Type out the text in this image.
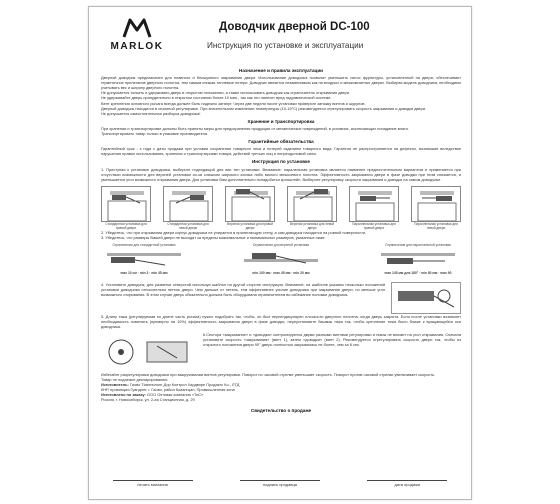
MARLOK
Доводчик дверной DC-100
Инструкция по установке и эксплуатации
Назначение и правила эксплуатации
Дверной доводчик предназначен для плавного и бесшумного закрывания двери. Использование доводчика позволит уменьшить износ фурнитуры, установленной на двери, обеспечивает герметичное прилегание дверного полотна, тем самым снижая теплевые потери. Доводчик является незаменимым как на входных и межкомнатных дверях. Выбирая модель доводчика, необходимо учитывать вес и ширину дверного полотна.
Не допускается толкать и удерживать дверь в открытом положении, а также использовать доводчик как ограничитель открывания двери.
Не удерживайте дверь принудительно в открытом состоянии более 10 мин., так как это нанесет вред гидравлической системе.
Вент крепления основного рычага всегда должен быть надежно затянут. Через две недели после установки проверьте затяжку винтов и шурупов.
Дверной доводчик находится в сезонной регулировке. При значительном изменении температуры (10-15°C) рекомендуется отрегулировать скорость закрывания и доводки двери.
Не допускается самостоятельная разборка доводчика!
Хранение и транспортировка
При хранении и транспортировке должны быть приняты меры для предохранения продукции от механических повреждений, в условиях, исключающих попадание влаги.
Транспортировать товар только в упаковке производителя.
Гарантийные обязательства
Гарантийный срок - з года с даты продажи при условии сохранения товарного чека и потерей изделием товарного вида. Гарантия не распространяется на дефекты, возникшие вследствие нарушения правил использования, хранения и транспортировки товара, действий третьих лиц и непреодолимой силы.
Инструкция по установке
1. Приступая к установке доводчика, выберите подходящий для вас тип установки. Внимание: паралельная установка является наименее предпочтительным вариантом и применяется при отсутствии возможности для верхней установки из-за слишком широкого косяка либо малого межосевого полотна. Эффективность закрывания двери в фазе доводки при этом снижается, и уменьшается угол возможного открывания двери. Для установки Вам дополнительно понадобится кронштейн. Выберите регулировку скорости закрывания и доводки на самом доводчике.
Стандартная установка для правой двери
Стандартная установка для левой двери
Верхняя установка для правой двери
Верхняя установка для левой двери
Параллельная установка для правой двери
Параллельная установка для левой двери
2. Убедитесь, что при открывании двери корпус доводчика не упирается в прилегающую стену, а сам доводчик находится на ровной поверхности.
3. Убедитесь, что размеры Вашей двери не выходят за пределы максимальных и минимальных размеров, указанных ниже.
Ограничения для стандартной установки
max 10 см · min 3 · min 45 мм
Ограничения для верхней установки
min 100 мм · max 45 мм · min 20 мм
Ограничения для параллельной установки
max 145 мм для 180° · min 60 мм · max 90
4. Установите доводчик, для разметки отверстий используя шаблон на другой стороне инструкции. Внимание: на шаблоне указаны несколько положений установки доводчика относительно петель двери. Чем дальше от петель, тем эффективнее усилие доводчика при закрывании двери, но меньше угол возможного открывания. В этом случае дверь обязательно должна быть оборудована ограничителем во избежание поломки доводчика.
5. Длину тяжа (регулируемая по длине часть рычага) нужно подобрать так, чтобы, он был перпендикулярен плоскости дверного полотна, когда дверь закрыта. Если после установки возникнет необходимость поменять (примерно на 10%) эффективность закрывания двери в фазе доводки, переустановите башмак тяжа так, чтобы крепление тяжа было ближе к вращающейся оси доводчика.
6.Сектора «закрывание» и «доводка» контролируются двумя разными винтами регулировки и никак не влияют на угол открывания. Сначала установите скорость «закрывания» (винт 1), затем «доводки» (винт 2). Рекомендуется отрегулировать скорость двери так, чтобы из открытого положения двери 90° дверь полностью закрывалась не более, чем за 6 сек.
Избегайте разрегулировки доводчика при выкручивании винтов регулировки. Поворот по часовой стрелке уменьшает скорость. Поворот против часовой стрелки увеличивает скорость.
Товар не подлежит декларированию.
Изготовитель: Гаово Тианлилонг Дор Контрол Хардвэре Продактс Ко., ЛТД
КНР, провинция Гуандонг, г. Гаово, район Ксиангцан, Промышленная зона
Изготовлено по заказу: ООО Оптовая компания «ТиС»
Россия, г. Новосибирск, ул. 2-ая Станционная, д. 29
Свидетельство о продаже
печать магазина	подпись продавца	дата продажи
